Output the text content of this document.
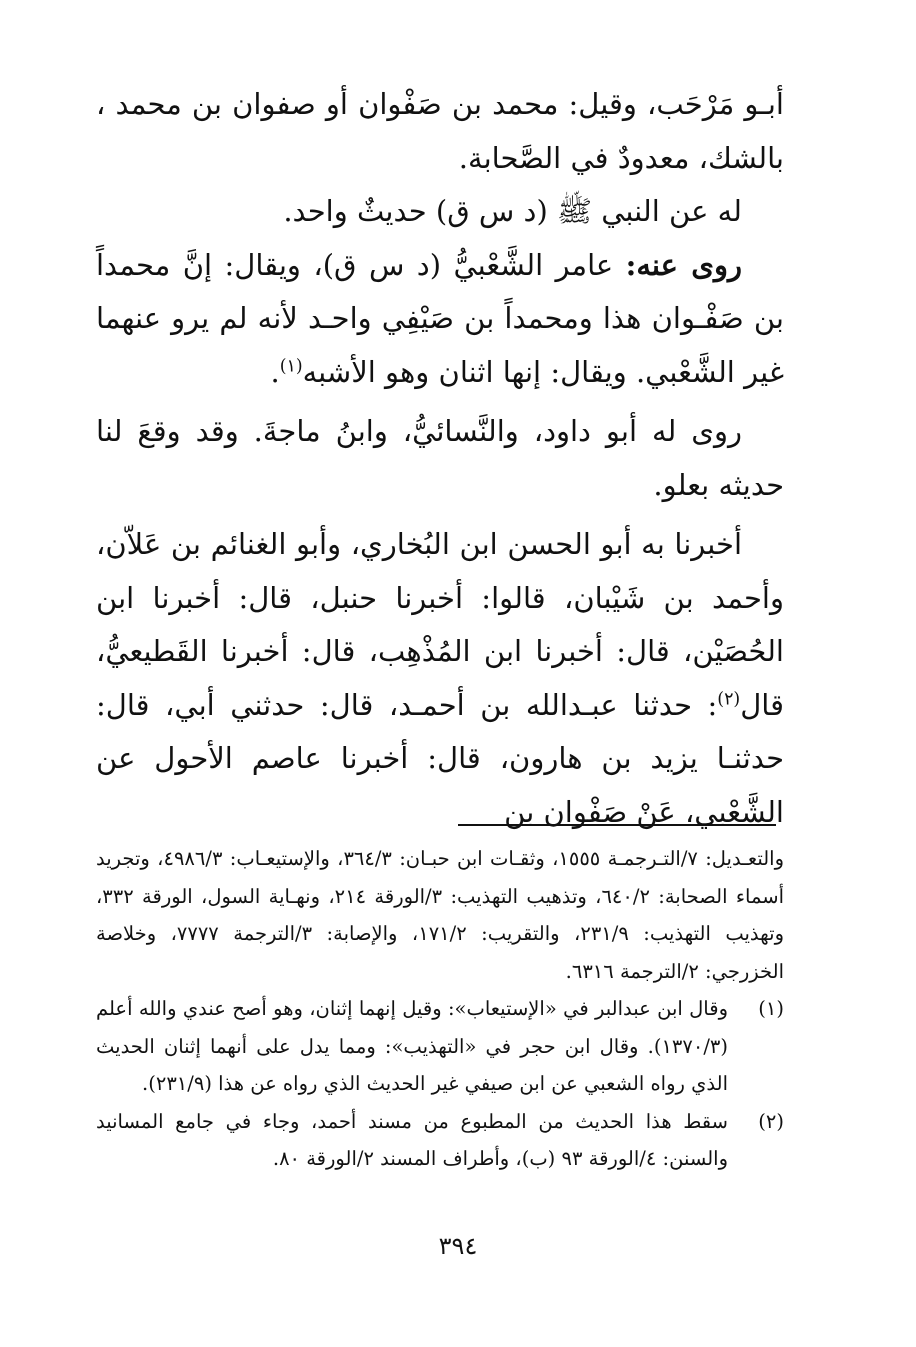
أبـو مَرْحَب، وقيل: محمد بن صَفْوان أو صفوان بن محمد ، بالشك، معدودٌ في الصَّحابة.

له عن النبي ﷺ (د س ق) حديثٌ واحد.

روى عنه: عامر الشَّعْبيُّ (د س ق)، ويقال: إنَّ محمداً بن صَفْـوان هذا ومحمداً بن صَيْفِي واحـد لأنه لم يرو عنهما غير الشَّعْبي. ويقال: إنها اثنان وهو الأشبه$^{(١)}$.

روى له أبو داود، والنَّسائيُّ، وابنُ ماجةَ. وقد وقعَ لنا حديثه بعلو.

أخبرنا به أبو الحسن ابن البُخاري، وأبو الغنائم بن عَلاّن، وأحمد بن شَيْبان، قالوا: أخبرنا حنبل، قال: أخبرنا ابن الحُصَيْن، قال: أخبرنا ابن المُذْهِب، قال: أخبرنا القَطيعيُّ، قال$^{(٢)}$: حدثنا عبـدالله بن أحمـد، قال: حدثني أبي، قال: حدثنـا يزيد بن هارون، قال: أخبرنا عاصم الأحول عن الشَّعْبي، عَنْ صَفْوان بن

والتعـديل: ٧/التـرجمـة ١٥٥٥، وثقـات ابن حبـان: ٣٦٤/٣، والإستيعـاب: ٤٩٨٦/٣، وتجريد أسماء الصحابة: ٦٤٠/٢، وتذهيب التهذيب: ٣/الورقة ٢١٤، ونهـاية السول، الورقة ٣٣٢، وتهذيب التهذيب: ٢٣١/٩، والتقريب: ١٧١/٢، والإصابة: ٣/الترجمة ٧٧٧٧، وخلاصة الخزرجي: ٢/الترجمة ٦٣١٦.

(١)
وقال ابن عبدالبر في «الإستيعاب»: وقيل إنهما إثنان، وهو أصح عندي والله أعلم (١٣٧٠/٣). وقال ابن حجر في «التهذيب»: ومما يدل على أنهما إثنان الحديث الذي رواه الشعبي عن ابن صيفي غير الحديث الذي رواه عن هذا (٢٣١/٩).
(٢)
سقط هذا الحديث من المطبوع من مسند أحمد، وجاء في جامع المسانيد والسنن: ٤/الورقة ٩٣ (ب)، وأطراف المسند ٢/الورقة ٨٠.
٣٩٤
